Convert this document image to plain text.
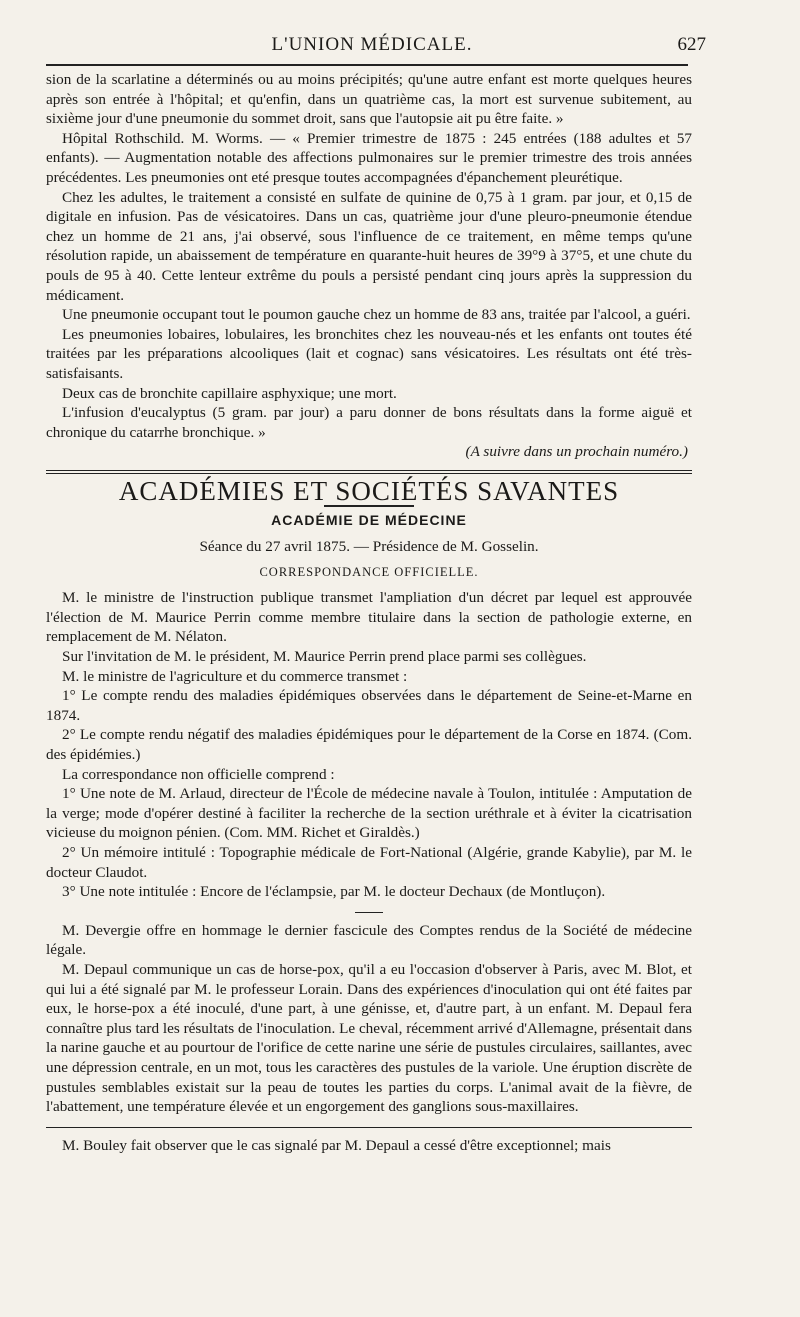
L'UNION MÉDICALE.	627

sion de la scarlatine a déterminés ou au moins précipités; qu'une autre enfant est morte quelques heures après son entrée à l'hôpital; et qu'enfin, dans un quatrième cas, la mort est survenue subitement, au sixième jour d'une pneumonie du sommet droit, sans que l'autopsie ait pu être faite. »

Hôpital Rothschild. M. Worms. — « Premier trimestre de 1875 : 245 entrées (188 adultes et 57 enfants). — Augmentation notable des affections pulmonaires sur le premier trimestre des trois années précédentes. Les pneumonies ont eté presque toutes accompagnées d'épanchement pleurétique.

Chez les adultes, le traitement a consisté en sulfate de quinine de 0,75 à 1 gram. par jour, et 0,15 de digitale en infusion. Pas de vésicatoires. Dans un cas, quatrième jour d'une pleuro-pneumonie étendue chez un homme de 21 ans, j'ai observé, sous l'influence de ce traitement, en même temps qu'une résolution rapide, un abaissement de température en quarante-huit heures de 39°9 à 37°5, et une chute du pouls de 95 à 40. Cette lenteur extrême du pouls a persisté pendant cinq jours après la suppression du médicament.

Une pneumonie occupant tout le poumon gauche chez un homme de 83 ans, traitée par l'alcool, a guéri.

Les pneumonies lobaires, lobulaires, les bronchites chez les nouveau-nés et les enfants ont toutes été traitées par les préparations alcooliques (lait et cognac) sans vésicatoires. Les résultats ont été très-satisfaisants.

Deux cas de bronchite capillaire asphyxique; une mort.

L'infusion d'eucalyptus (5 gram. par jour) a paru donner de bons résultats dans la forme aiguë et chronique du catarrhe bronchique. »

(A suivre dans un prochain numéro.)

ACADÉMIES ET SOCIÉTÉS SAVANTES
ACADÉMIE DE MÉDECINE
Séance du 27 avril 1875. — Présidence de M. Gosselin.
CORRESPONDANCE OFFICIELLE.

M. le ministre de l'instruction publique transmet l'ampliation d'un décret par lequel est approuvée l'élection de M. Maurice Perrin comme membre titulaire dans la section de pathologie externe, en remplacement de M. Nélaton.

Sur l'invitation de M. le président, M. Maurice Perrin prend place parmi ses collègues.

M. le ministre de l'agriculture et du commerce transmet :

1° Le compte rendu des maladies épidémiques observées dans le département de Seine-et-Marne en 1874.

2° Le compte rendu négatif des maladies épidémiques pour le département de la Corse en 1874. (Com. des épidémies.)

La correspondance non officielle comprend :

1° Une note de M. Arlaud, directeur de l'École de médecine navale à Toulon, intitulée : Amputation de la verge; mode d'opérer destiné à faciliter la recherche de la section uréthrale et à éviter la cicatrisation vicieuse du moignon pénien. (Com. MM. Richet et Giraldès.)

2° Un mémoire intitulé : Topographie médicale de Fort-National (Algérie, grande Kabylie), par M. le docteur Claudot.

3° Une note intitulée : Encore de l'éclampsie, par M. le docteur Dechaux (de Montluçon).

M. Devergie offre en hommage le dernier fascicule des Comptes rendus de la Société de médecine légale.

M. Depaul communique un cas de horse-pox, qu'il a eu l'occasion d'observer à Paris, avec M. Blot, et qui lui a été signalé par M. le professeur Lorain. Dans des expériences d'inoculation qui ont été faites par eux, le horse-pox a été inoculé, d'une part, à une génisse, et, d'autre part, à un enfant. M. Depaul fera connaître plus tard les résultats de l'inoculation. Le cheval, récemment arrivé d'Allemagne, présentait dans la narine gauche et au pourtour de l'orifice de cette narine une série de pustules circulaires, saillantes, avec une dépression centrale, en un mot, tous les caractères des pustules de la variole. Une éruption discrète de pustules semblables existait sur la peau de toutes les parties du corps. L'animal avait de la fièvre, de l'abattement, une température élevée et un engorgement des ganglions sous-maxillaires.

M. Bouley fait observer que le cas signalé par M. Depaul a cessé d'être exceptionnel; mais
